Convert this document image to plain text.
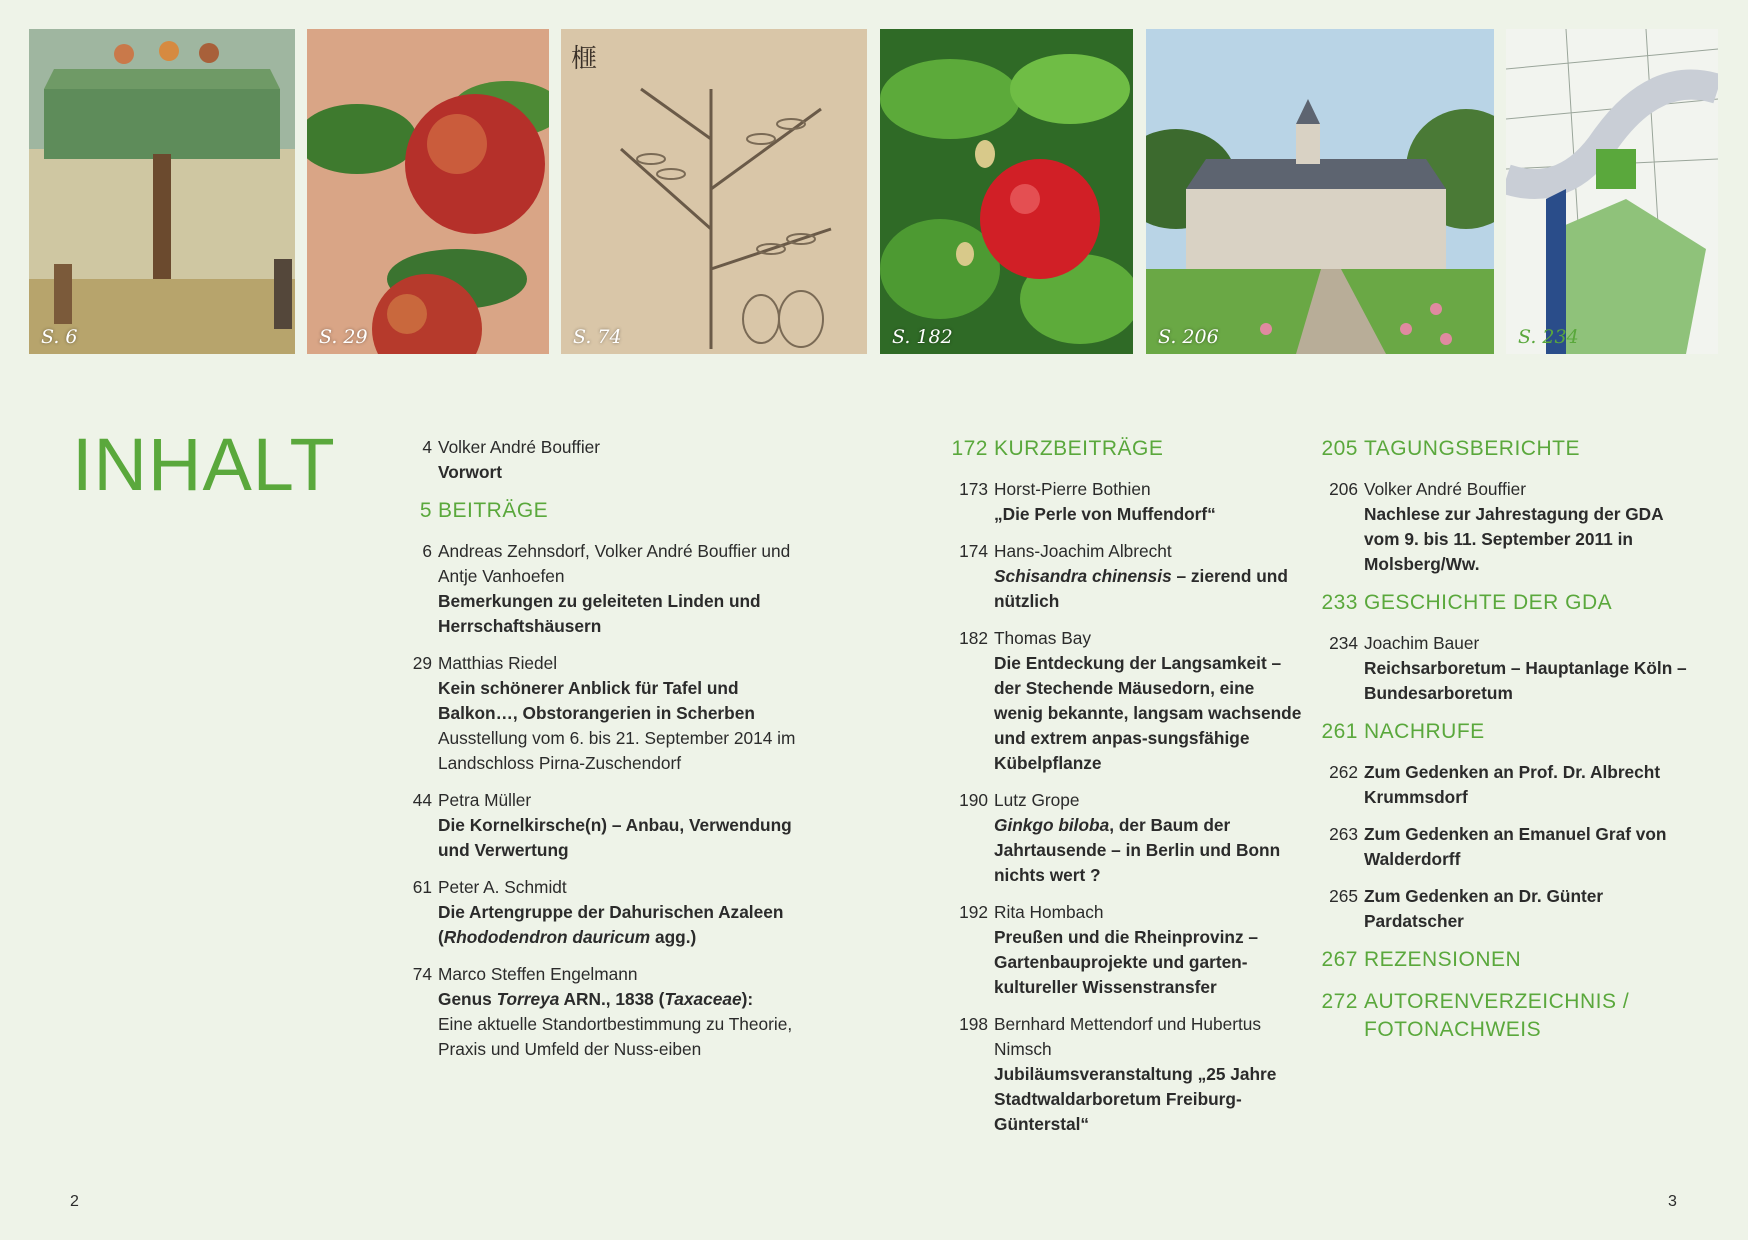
S. 6	S. 29
榧
S. 74	S. 182	S. 206	S. 234
INHALT	4 Volker André Bouffier
Vorwort
5 BEITRÄGE
6 Andreas Zehnsdorf, Volker André Bouffier und Antje Vanhoefen
Bemerkungen zu geleiteten Linden und Herrschaftshäusern
29 Matthias Riedel
Kein schönerer Anblick für Tafel und Balkon…, Obstorangerien in Scherben
Ausstellung vom 6. bis 21. September 2014 im Landschloss Pirna-Zuschendorf
44 Petra Müller
Die Kornelkirsche(n) – Anbau, Verwendung und Verwertung
61 Peter A. Schmidt
Die Artengruppe der Dahurischen Azaleen (Rhododendron dauricum agg.)
74 Marco Steffen Engelmann
Genus Torreya ARN., 1838 (Taxaceae):
Eine aktuelle Standortbestimmung zu Theorie, Praxis und Umfeld der Nuss-eiben
172 KURZBEITRÄGE
173 Horst-Pierre Bothien
„Die Perle von Muffendorf“
174 Hans-Joachim Albrecht
Schisandra chinensis – zierend und nützlich
182 Thomas Bay
Die Entdeckung der Langsamkeit – der Stechende Mäusedorn, eine wenig bekannte, langsam wachsende und extrem anpas-sungsfähige Kübelpflanze
190 Lutz Grope
Ginkgo biloba, der Baum der Jahrtausende – in Berlin und Bonn nichts wert ?
192 Rita Hombach
Preußen und die Rheinprovinz – Gartenbauprojekte und garten-kultureller Wissenstransfer
198 Bernhard Mettendorf und Hubertus Nimsch
Jubiläumsveranstaltung „25 Jahre Stadtwaldarboretum Freiburg-Günterstal“
205 TAGUNGSBERICHTE
206 Volker André Bouffier
Nachlese zur Jahrestagung der GDA vom 9. bis 11. September 2011 in Molsberg/Ww.
233 GESCHICHTE DER GDA
234 Joachim Bauer
Reichsarboretum – Hauptanlage Köln – Bundesarboretum
261 NACHRUFE
262 Zum Gedenken an Prof. Dr. Albrecht Krummsdorf
263 Zum Gedenken an Emanuel Graf von Walderdorff
265 Zum Gedenken an Dr. Günter Pardatscher
267 REZENSIONEN
272 AUTORENVERZEICHNIS / FOTONACHWEIS
2	3
